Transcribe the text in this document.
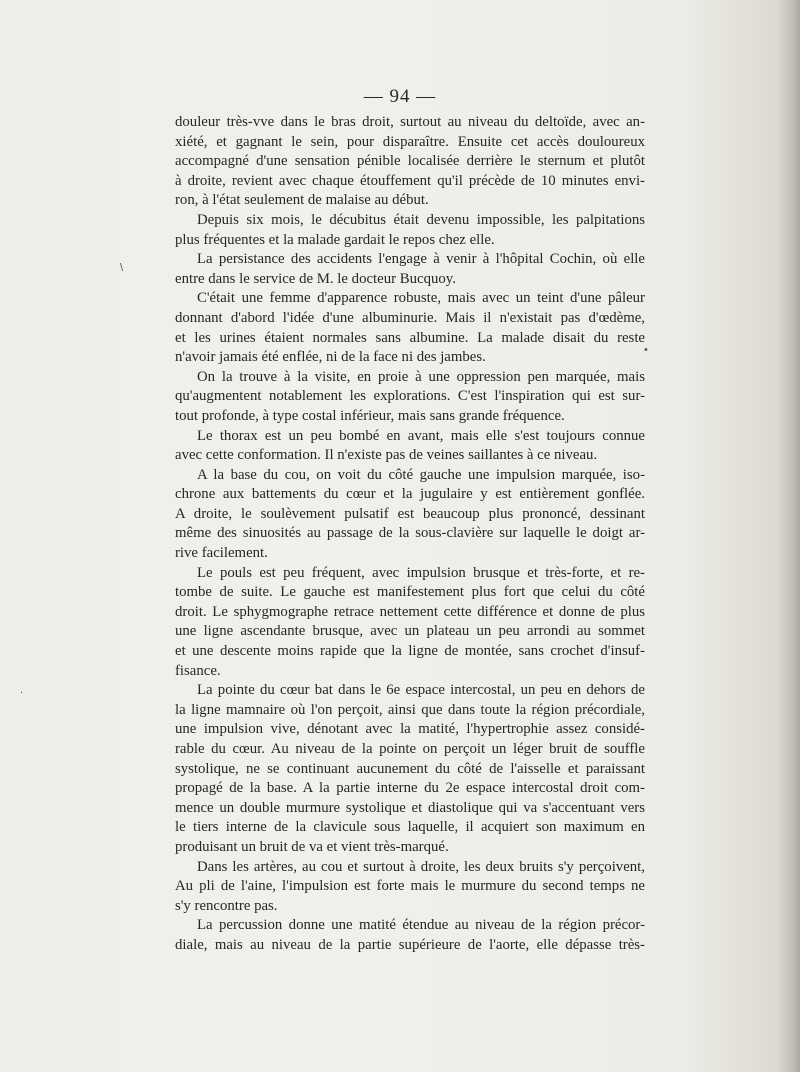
— 94 —
douleur très-vve dans le bras droit, surtout au niveau du deltoïde, avec an-
xiété, et gagnant le sein, pour disparaître. Ensuite cet accès douloureux
accompagné d'une sensation pénible localisée derrière le sternum et plutôt
à droite, revient avec chaque étouffement qu'il précède de 10 minutes envi-
ron, à l'état seulement de malaise au début.
Depuis six mois, le décubitus était devenu impossible, les palpitations
plus fréquentes et la malade gardait le repos chez elle.
La persistance des accidents l'engage à venir à l'hôpital Cochin, où elle
entre dans le service de M. le docteur Bucquoy.
C'était une femme d'apparence robuste, mais avec un teint d'une pâleur
donnant d'abord l'idée d'une albuminurie. Mais il n'existait pas d'œdème,
et les urines étaient normales sans albumine. La malade disait du reste
n'avoir jamais été enflée, ni de la face ni des jambes.
On la trouve à la visite, en proie à une oppression pen marquée, mais
qu'augmentent notablement les explorations. C'est l'inspiration qui est sur-
tout profonde, à type costal inférieur, mais sans grande fréquence.
Le thorax est un peu bombé en avant, mais elle s'est toujours connue
avec cette conformation. Il n'existe pas de veines saillantes à ce niveau.
A la base du cou, on voit du côté gauche une impulsion marquée, iso-
chrone aux battements du cœur et la jugulaire y est entièrement gonflée.
A droite, le soulèvement pulsatif est beaucoup plus prononcé, dessinant
même des sinuosités au passage de la sous-clavière sur laquelle le doigt ar-
rive facilement.
Le pouls est peu fréquent, avec impulsion brusque et très-forte, et re-
tombe de suite. Le gauche est manifestement plus fort que celui du côté
droit. Le sphygmographe retrace nettement cette différence et donne de plus
une ligne ascendante brusque, avec un plateau un peu arrondi au sommet
et une descente moins rapide que la ligne de montée, sans crochet d'insuf-
fisance.
La pointe du cœur bat dans le 6e espace intercostal, un peu en dehors de
la ligne mamnaire où l'on perçoit, ainsi que dans toute la région précordiale,
une impulsion vive, dénotant avec la matité, l'hypertrophie assez considé-
rable du cœur. Au niveau de la pointe on perçoit un léger bruit de souffle
systolique, ne se continuant aucunement du côté de l'aisselle et paraissant
propagé de la base. A la partie interne du 2e espace intercostal droit com-
mence un double murmure systolique et diastolique qui va s'accentuant vers
le tiers interne de la clavicule sous laquelle, il acquiert son maximum en
produisant un bruit de va et vient très-marqué.
Dans les artères, au cou et surtout à droite, les deux bruits s'y perçoivent,
Au pli de l'aine, l'impulsion est forte mais le murmure du second temps ne
s'y rencontre pas.
La percussion donne une matité étendue au niveau de la région précor-
diale, mais au niveau de la partie supérieure de l'aorte, elle dépasse très-
\
•
.
